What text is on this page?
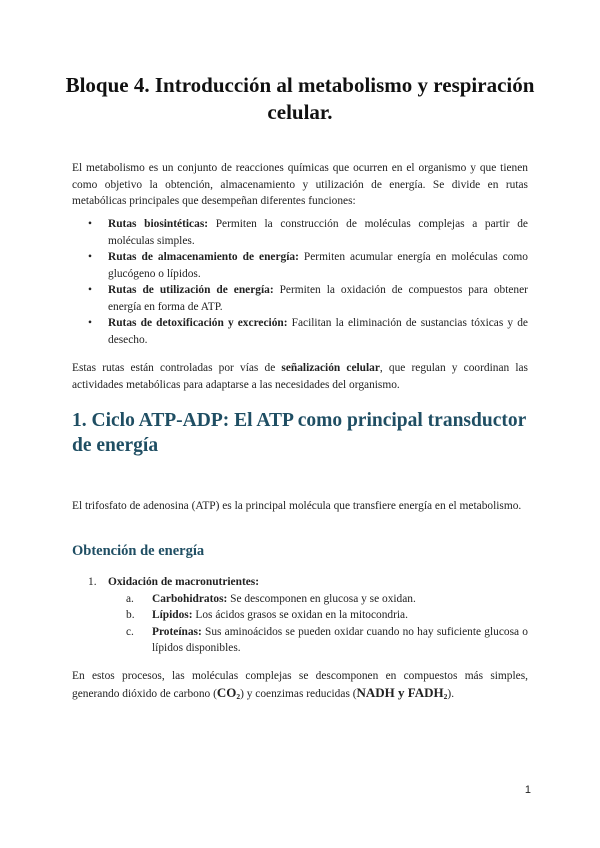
Bloque 4. Introducción al metabolismo y respiración
celular.

El metabolismo es un conjunto de reacciones químicas que ocurren en el organismo y que tienen como objetivo la obtención, almacenamiento y utilización de energía. Se divide en rutas metabólicas principales que desempeñan diferentes funciones:

• Rutas biosintéticas: Permiten la construcción de moléculas complejas a partir de moléculas simples.
• Rutas de almacenamiento de energía: Permiten acumular energía en moléculas como glucógeno o lípidos.
• Rutas de utilización de energía: Permiten la oxidación de compuestos para obtener energía en forma de ATP.
• Rutas de detoxificación y excreción: Facilitan la eliminación de sustancias tóxicas y de desecho.

Estas rutas están controladas por vías de señalización celular, que regulan y coordinan las actividades metabólicas para adaptarse a las necesidades del organismo.

1. Ciclo ATP-ADP: El ATP como principal transductor de energía

El trifosfato de adenosina (ATP) es la principal molécula que transfiere energía en el metabolismo.

Obtención de energía
1.	Oxidación de macronutrientes:
a. Carbohidratos: Se descomponen en glucosa y se oxidan.
b. Lípidos: Los ácidos grasos se oxidan en la mitocondria.
c. Proteínas: Sus aminoácidos se pueden oxidar cuando no hay suficiente glucosa o lípidos disponibles.

En estos procesos, las moléculas complejas se descomponen en compuestos más simples, generando dióxido de carbono $(CO_2)$ y coenzimas reducidas (NADH y $FADH_2$).

1
